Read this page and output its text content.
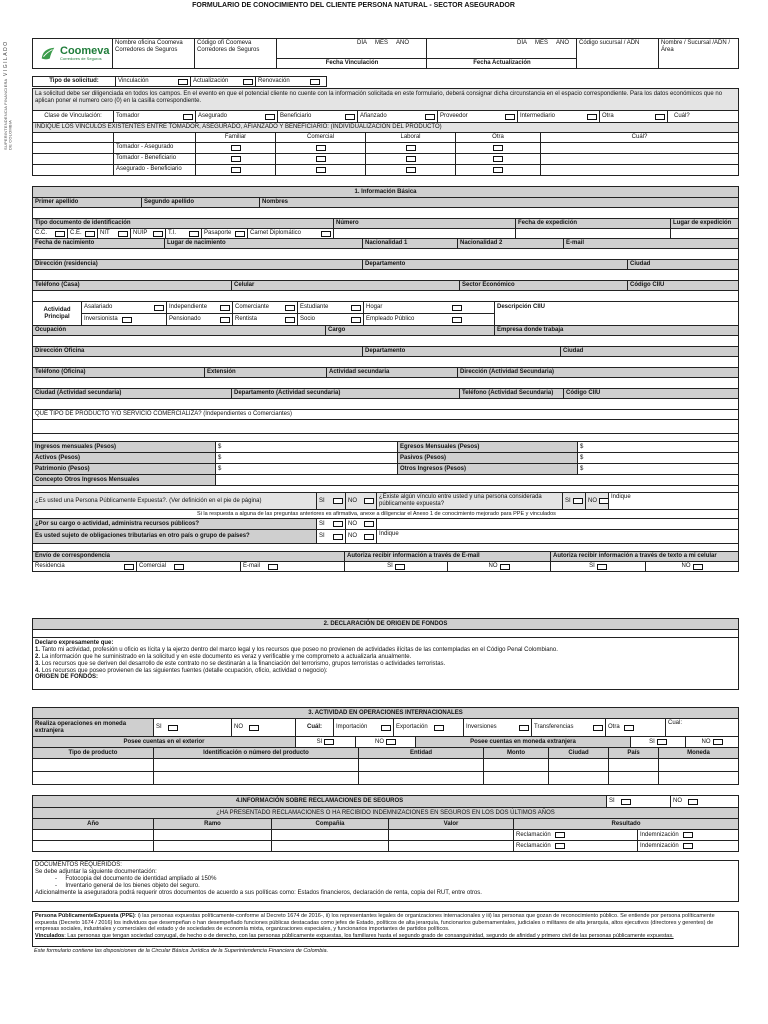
FORMULARIO DE CONOCIMIENTO DEL CLIENTE PERSONA NATURAL - SECTOR ASEGURADOR
SUPERINTENDENCIA FINANCIERA DE COLOMBIA
VIGILADO	Coomeva
Corredores de Seguros
Nombre oficina Coomeva Corredores de Seguros
Código ofi Coomeva Corredores de Seguros
DÍA MES AÑO
Fecha Vinculación
DÍA MES AÑO
Fecha Actualización
Código sucursal / ADN	Nombre / Sucursal /ADN / Área
Tipo de solicitud:	Vinculación	Actualización	Renovación
La solicitud debe ser diligenciada en todos los campos. En el evento en que el potencial cliente no cuente con la información solicitada en este formulario, deberá consignar dicha circunstancia en el espacio correspondiente. Para los datos económicos que no aplican poner el numero cero (0) en la casilla correspondiente.
Clase de Vinculación:	Tomador	Asegurado	Beneficiario	Afianzado	Proveedor	Intermediario	Otra	Cuál?
INDIQUE LOS VÍNCULOS EXISTENTES ENTRE TOMADOR, ASEGURADO, AFIANZADO Y BENEFICIARIO: (INDIVIDUALIZACIÓN DEL PRODUCTO)
Familiar	Comercial	Laboral	Otra	Cuál?
Tomador - Asegurado
Tomador - Beneficiario
Asegurado - Beneficiario
1. Información Básica
Primer apellido	Segundo apellido	Nombres
Tipo documento de identificación	Número	Fecha de expedición	Lugar de expedición
C.C.	C.E.	NIT	NUIP	T.I.	Pasaporte	Carnet Diplomático
Fecha de nacimiento	Lugar de nacimiento	Nacionalidad 1	Nacionalidad 2	E-mail
Dirección (residencia)	Departamento	Ciudad
Teléfono (Casa)	Celular	Sector Económico	Código CIIU
Actividad Principal
Asalariado	Independiente	Comerciante	Estudiante	Hogar
Inversionista	Pensionado	Rentista	Socio	Empleado Público
Descripción CIIU
Ocupación	Cargo	Empresa donde trabaja
Dirección Oficina	Departamento	Ciudad
Teléfono (Oficina)	Extensión	Actividad secundaria	Dirección (Actividad Secundaria)
Ciudad (Actividad secundaria)	Departamento (Actividad secundaria)	Teléfono (Actividad Secundaria)	Código CIIU
QUÉ TIPO DE PRODUCTO Y/O SERVICIO COMERCIALIZA? (Independientes o Comerciantes)
Ingresos mensuales (Pesos)	$	Egresos Mensuales (Pesos)	$
Activos (Pesos)	$	Pasivos (Pesos)	$
Patrimonio (Pesos)	$	Otros Ingresos (Pesos)	$
Concepto Otros Ingresos Mensuales
¿Es usted una Persona Públicamente Expuesta?. (Ver definición en el pie de página)	SI	NO
¿Existe algún vínculo entre usted y una persona considerada públicamente expuesta?
SI	NO
Indique
Si la respuesta a alguna de las preguntas anteriores es afirmativa, anexe a diligenciar el Anexo 1 de conocimiento mejorado para PPE y vinculados
¿Por su cargo o actividad, administra recursos públicos?	SI	NO
Es usted sujeto de obligaciones tributarias en otro país o grupo de países?	SI	NO	Indique
Envío de correspondencia	Autoriza recibir información a través de E-mail	Autoriza recibir información a través de texto a mi celular
Residencia	Comercial	E-mail	SI	NO	SI	NO
2. DECLARACIÓN DE ORIGEN DE FONDOS
Declaro expresamente que:
1. Tanto mi actividad, profesión u oficio es lícita y la ejerzo dentro del marco legal y los recursos que poseo no provienen de actividades ilícitas de las contempladas en el Código Penal Colombiano.
2. La información que he suministrado en la solicitud y en este documento es veraz y verificable y me comprometo a actualizarla anualmente.
3. Los recursos que se deriven del desarrollo de este contrato no se destinarán a la financiación del terrorismo, grupos terroristas o actividades terroristas.
4. Los recursos que poseo provienen de las siguientes fuentes (detalle ocupación, oficio, actividad o negocio):
ORIGEN DE FONDOS:
3. ACTIVIDAD EN OPERACIONES INTERNACIONALES
Realiza operaciones en moneda extranjera
SI	NO	Cuál:	Importación	Exportación	Inversiones	Transferencias	Otra
Cual:
Posee cuentas en el exterior	SI	NO	Posee cuentas en moneda extranjera	SI	NO
Tipo de producto	Identificación o número del producto	Entidad	Monto	Ciudad	País	Moneda
4.INFORMACIÓN SOBRE RECLAMACIONES DE SEGUROS	SI	NO
¿HA PRESENTADO RECLAMACIONES O HA RECIBIDO INDEMNIZACIONES EN SEGUROS EN LOS DOS ÚLTIMOS AÑOS
Año	Ramo	Compañía	Valor	Resultado
Reclamación	Indemnización
Reclamación	Indemnización
DOCUMENTOS REQUERIDOS:
Se debe adjuntar la siguiente documentación:
-     Fotocopia del documento de identidad ampliado al 150%
-     Inventario general de los bienes objeto del seguro.
Adicionalmente la aseguradora podrá requerir otros documentos de acuerdo a sus políticas como: Estados financieros, declaración de renta, copia del RUT, entre otros.
Persona PúblicamenteExpuesta (PPE): i) las personas expuestas políticamente-conforme al Decreto 1674 de 2016-, ii) los representantes legales de organizaciones internacionales y iii) las personas que gozan de reconocimiento público. Se entiende por persona políticamente expuesta (Decreto 1674 / 2016) los individuos que desempeñan o han desempeñado funciones públicas destacadas como jefes de Estado, políticos de alta jerarquía, funcionarios gubernamentales, judiciales o militares de alta jerarquía, altos ejecutivos (directores y gerentes) de empresas sociales, industriales y comerciales del estado y de sociedades de economía mixta, organizaciones especiales, y funcionarios importantes de partidos políticos.
Vinculados: Las personas que tengan sociedad conyugal, de hecho o de derecho, con las personas públicamente expuestas, los familiares hasta el segundo grado de consanguinidad, segundo de afinidad y primero civil de las personas públicamente expuestas.
Este formulario contiene las disposiciones de la Circular Básica Jurídica de la Superintendencia Financiera de Colombia.
